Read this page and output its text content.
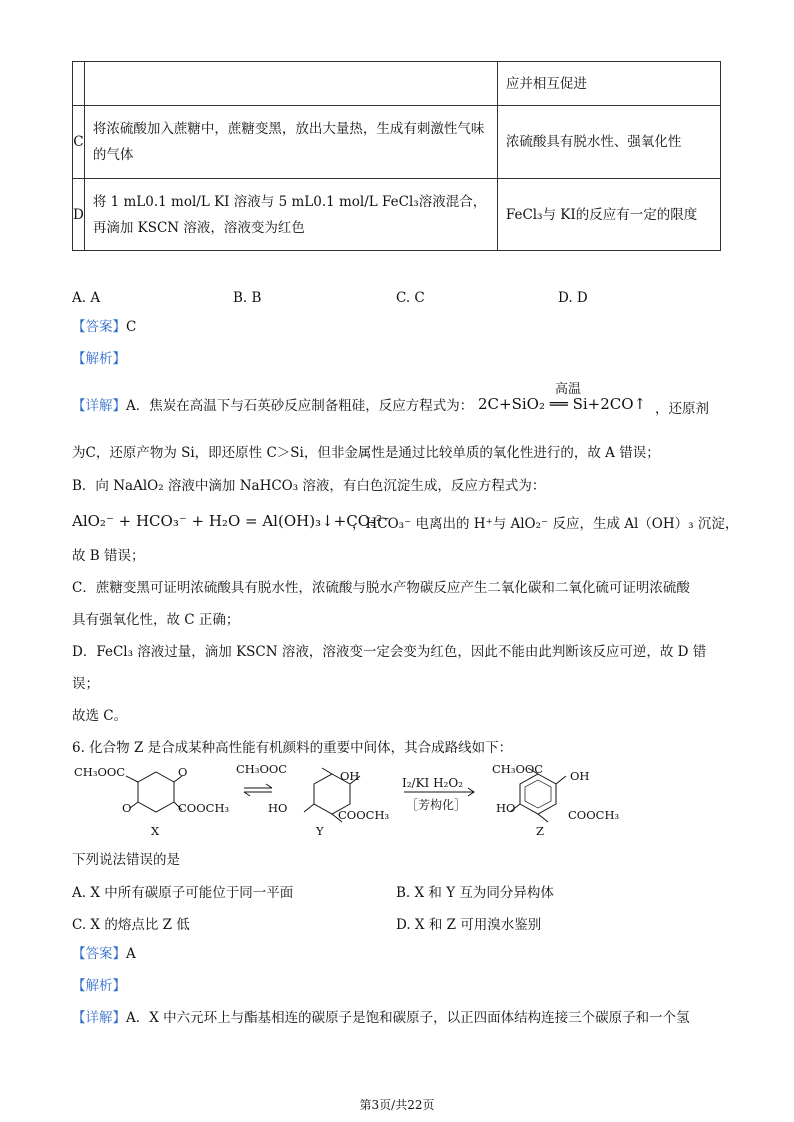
		应并相互促进
C	将浓硫酸加入蔗糖中，蔗糖变黑，放出大量热，生成有刺激性气味的气体	浓硫酸具有脱水性、强氧化性
D	将 1 mL0.1 mol/L KI 溶液与 5 mL0.1 mol/L FeCl₃溶液混合，再滴加 KSCN 溶液，溶液变为红色	FeCl₃与 KI的反应有一定的限度
A. A	B. B	C. C	D. D
【答案】C
【解析】
【详解】A．焦炭在高温下与石英砂反应制备粗硅，反应方程式为：
高温
2C+SiO₂ ══ Si+2CO↑ ，还原剂
为C，还原产物为 Si，即还原性 C＞Si，但非金属性是通过比较单质的氧化性进行的，故 A 错误；
B．向 NaAlO₂ 溶液中滴加 NaHCO₃ 溶液，有白色沉淀生成，反应方程式为：
AlO₂⁻ + HCO₃⁻ + H₂O = Al(OH)₃↓+CO₃²⁻
，HCO₃⁻ 电离出的 H⁺与 AlO₂⁻ 反应，生成 Al（OH）₃ 沉淀，
故 B 错误；
C．蔗糖变黑可证明浓硫酸具有脱水性，浓硫酸与脱水产物碳反应产生二氧化碳和二氧化硫可证明浓硫酸
具有强氧化性，故 C 正确；
D．FeCl₃ 溶液过量，滴加 KSCN 溶液，溶液变一定会变为红色，因此不能由此判断该反应可逆，故 D 错
误；
故选 C。
6. 化合物 Z 是合成某种高性能有机颜料的重要中间体，其合成路线如下：
CH₃OOC	O
O	COOCH₃
X
CH₃OOC	OH
HO	COOCH₃
Y
I₂/KI H₂O₂
［芳构化］
CH₃OOC OH
HO	COOCH₃
Z
下列说法错误的是
A. X 中所有碳原子可能位于同一平面	B. X 和 Y 互为同分异构体
C. X 的熔点比 Z 低	D. X 和 Z 可用溴水鉴别
【答案】A
【解析】
【详解】A．X 中六元环上与酯基相连的碳原子是饱和碳原子，以正四面体结构连接三个碳原子和一个氢
第3页/共22页
